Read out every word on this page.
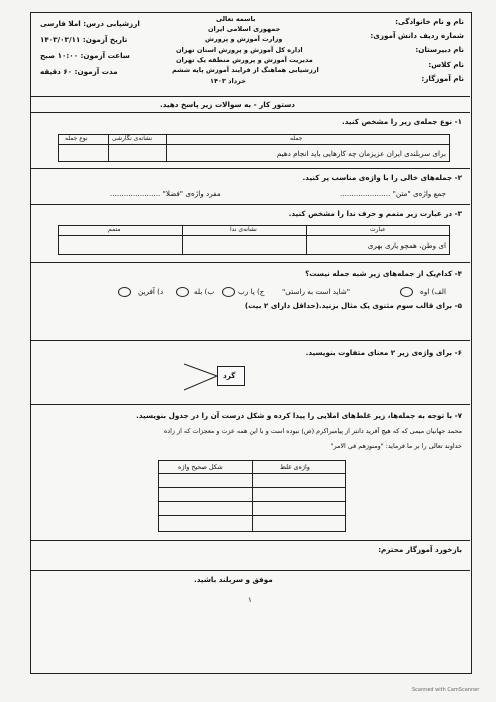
نام و نام خانوادگی:
شماره ردیف دانش آموزی:
نام دبیرستان:
نام کلاس:
نام آموزگار:
باسمه تعالی
جمهوری اسلامی ایران
وزارت آموزش و پرورش
اداره کل آموزش و پرورش استان تهران
مدیریت آموزش و پرورش منطقه یک تهران
ارزشیابی هماهنگ از فرایند آموزش پایه ششم
خرداد ۱۴۰۳
ارزشیابی درس: املا فارسی
تاریخ آزمون: ۱۴۰۳/۰۳/۱۱
ساعت آزمون: ۱۰:۰۰ صبح
مدت آزمون: ۶۰ دقیقه
دستور کار - به سوالات زیر پاسخ دهید.
۱- نوع جمله‌ی زیر را مشخص کنید.
جمله
نشانه‌ی نگارشی
نوع جمله
برای سربلندی ایران عزیزمان چه کارهایی باید انجام دهیم
۲- جمله‌های خالی را با واژه‌ی مناسب پر کنید.
جمع واژه‌ی "متن" ......................
مفرد واژه‌ی "فضلا" ......................
۳- در عبارت زیر متمم و حرف ندا را مشخص کنید.
عبارت
نشانه‌ی ندا
متمم
ای وطن، همچو یاری بهری
۴- کدام‌یک از جمله‌های زیر شبه جمله نیست؟
الف) اوه
"شاید است به راستی"
ج) یا رب
ب) بله
د) آفرین
۵- برای قالب سوم مثنوی یک مثال بزنید.(حداقل دارای ۲ بیت)
۶- برای واژه‌ی زیر ۲ معنای متفاوت بنویسید.
گرد
۷- با توجه به جمله‌ها، زیر غلط‌های املایی را پیدا کرده و شکل درست آن را در جدول بنویسید.
محمد جهانیان میمی که که هیچ آفرید دانتر از پیامبراکرم (ص) نبوده است و با این همه عزت و معجزات که از زاده
خداوند تعالی را بر ما فرماید: "ومنوزهم فی الامر"
واژه‌ی غلط
شکل صحیح واژه
بازخورد آموزگار محترم:
موفق و سربلند باشید.
۱
Scanned with CamScanner
